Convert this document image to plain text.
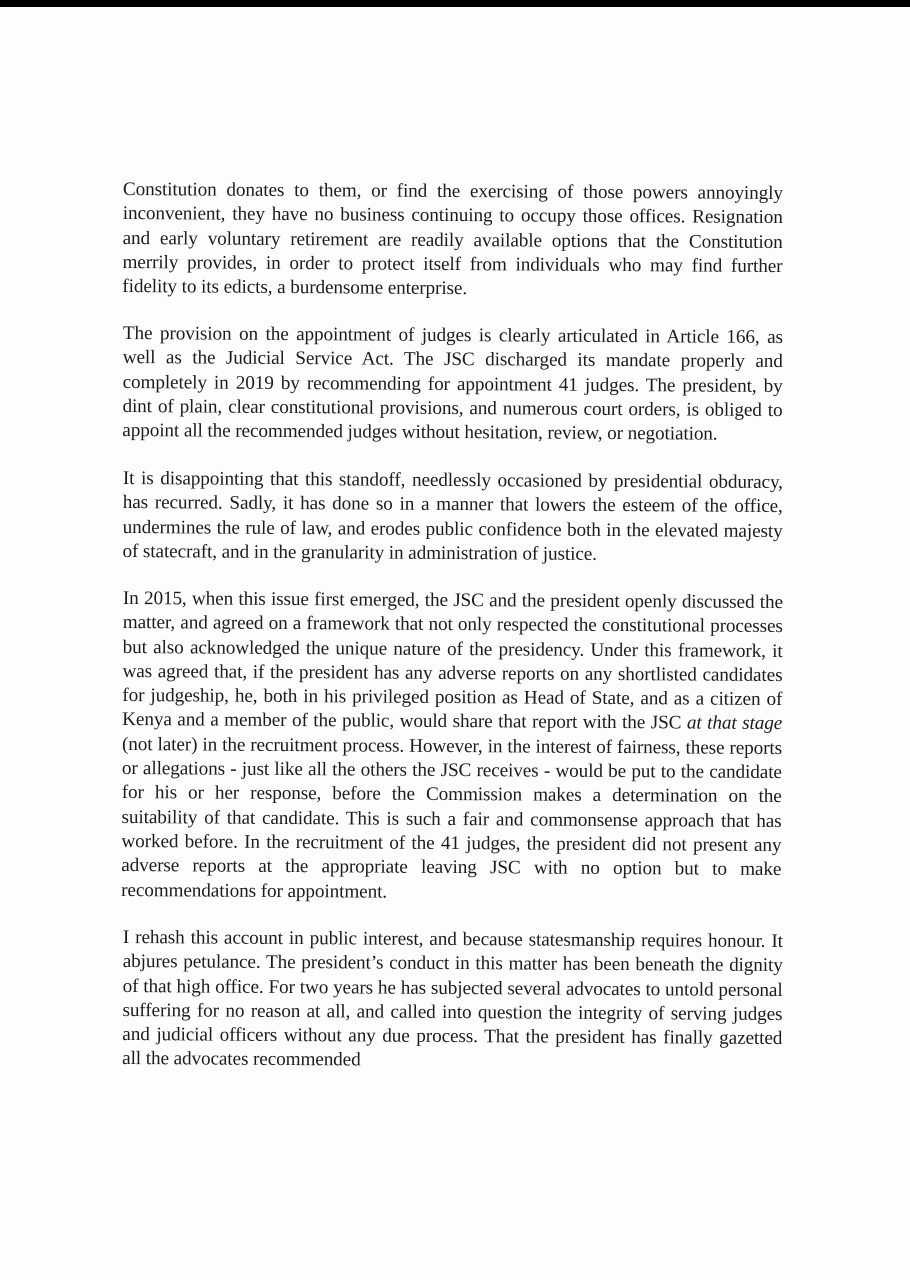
Constitution donates to them, or find the exercising of those powers annoyingly inconvenient, they have no business continuing to occupy those offices. Resignation and early voluntary retirement are readily available options that the Constitution merrily provides, in order to protect itself from individuals who may find further fidelity to its edicts, a burdensome enterprise.

The provision on the appointment of judges is clearly articulated in Article 166, as well as the Judicial Service Act. The JSC discharged its mandate properly and completely in 2019 by recommending for appointment 41 judges. The president, by dint of plain, clear constitutional provisions, and numerous court orders, is obliged to appoint all the recommended judges without hesitation, review, or negotiation.

It is disappointing that this standoff, needlessly occasioned by presidential obduracy, has recurred. Sadly, it has done so in a manner that lowers the esteem of the office, undermines the rule of law, and erodes public confidence both in the elevated majesty of statecraft, and in the granularity in administration of justice.

In 2015, when this issue first emerged, the JSC and the president openly discussed the matter, and agreed on a framework that not only respected the constitutional processes but also acknowledged the unique nature of the presidency. Under this framework, it was agreed that, if the president has any adverse reports on any shortlisted candidates for judgeship, he, both in his privileged position as Head of State, and as a citizen of Kenya and a member of the public, would share that report with the JSC at that stage (not later) in the recruitment process. However, in the interest of fairness, these reports or allegations - just like all the others the JSC receives - would be put to the candidate for his or her response, before the Commission makes a determination on the suitability of that candidate. This is such a fair and commonsense approach that has worked before. In the recruitment of the 41 judges, the president did not present any adverse reports at the appropriate leaving JSC with no option but to make recommendations for appointment.

I rehash this account in public interest, and because statesmanship requires honour. It abjures petulance. The president’s conduct in this matter has been beneath the dignity of that high office. For two years he has subjected several advocates to untold personal suffering for no reason at all, and called into question the integrity of serving judges and judicial officers without any due process. That the president has finally gazetted all the advocates recommended
